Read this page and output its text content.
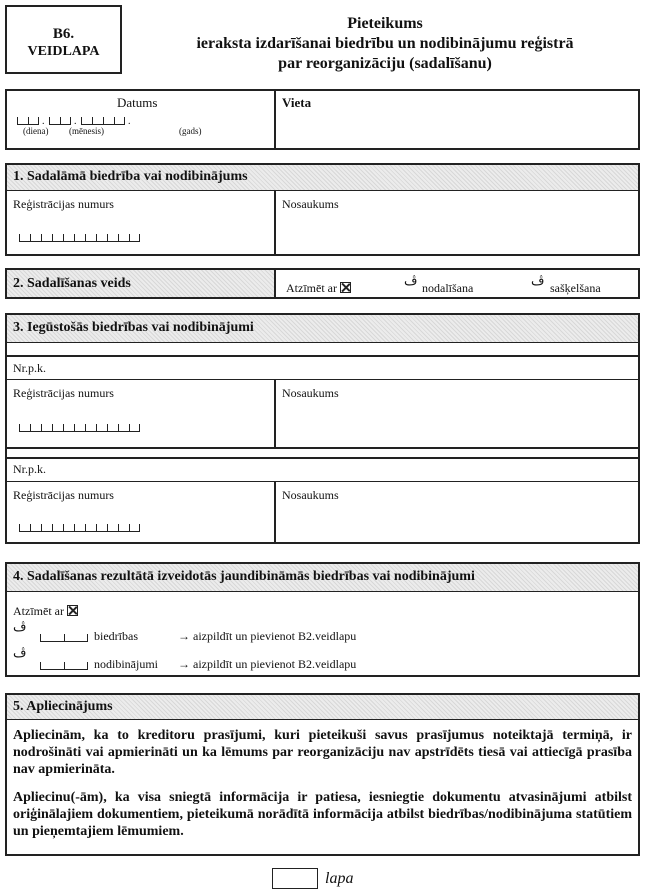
B6.
VEIDLAPA
Pieteikums
ieraksta izdarīšanai biedrību un nodibinājumu reģistrā
par reorganizāciju (sadalīšanu)
Datums
.	.	.
(diena) (mēnesis)	(gads)
Vieta
1. Sadalāmā biedrība vai nodibinājums
Reģistrācijas numurs	Nosaukums
2. Sadalīšanas veids	Atzīmēt ar	ڤ nodalīšana	ڤ sašķelšana
3. Iegūstošās biedrības vai nodibinājumi
Nr.p.k.
Reģistrācijas numurs	Nosaukums
Nr.p.k.
Reģistrācijas numurs	Nosaukums
4. Sadalīšanas rezultātā izveidotās jaundibināmās biedrības vai nodibinājumi
Atzīmēt ar
ڤ
biedrības	→ aizpildīt un pievienot B2.veidlapu
ڤ
nodibinājumi → aizpildīt un pievienot B2.veidlapu
5. Apliecinājums
Apliecinām, ka to kreditoru prasījumi, kuri pieteikuši savus prasījumus noteiktajā termiņā, ir nodrošināti vai apmierināti un ka lēmums par reorganizāciju nav apstrīdēts tiesā vai attiecīgā prasība nav apmierināta.
Apliecinu(-ām), ka visa sniegtā informācija ir patiesa, iesniegtie dokumentu atvasinājumi atbilst oriģinālajiem dokumentiem, pieteikumā norādītā informācija atbilst biedrības/nodibinājuma statūtiem un pieņemtajiem lēmumiem.
lapa
